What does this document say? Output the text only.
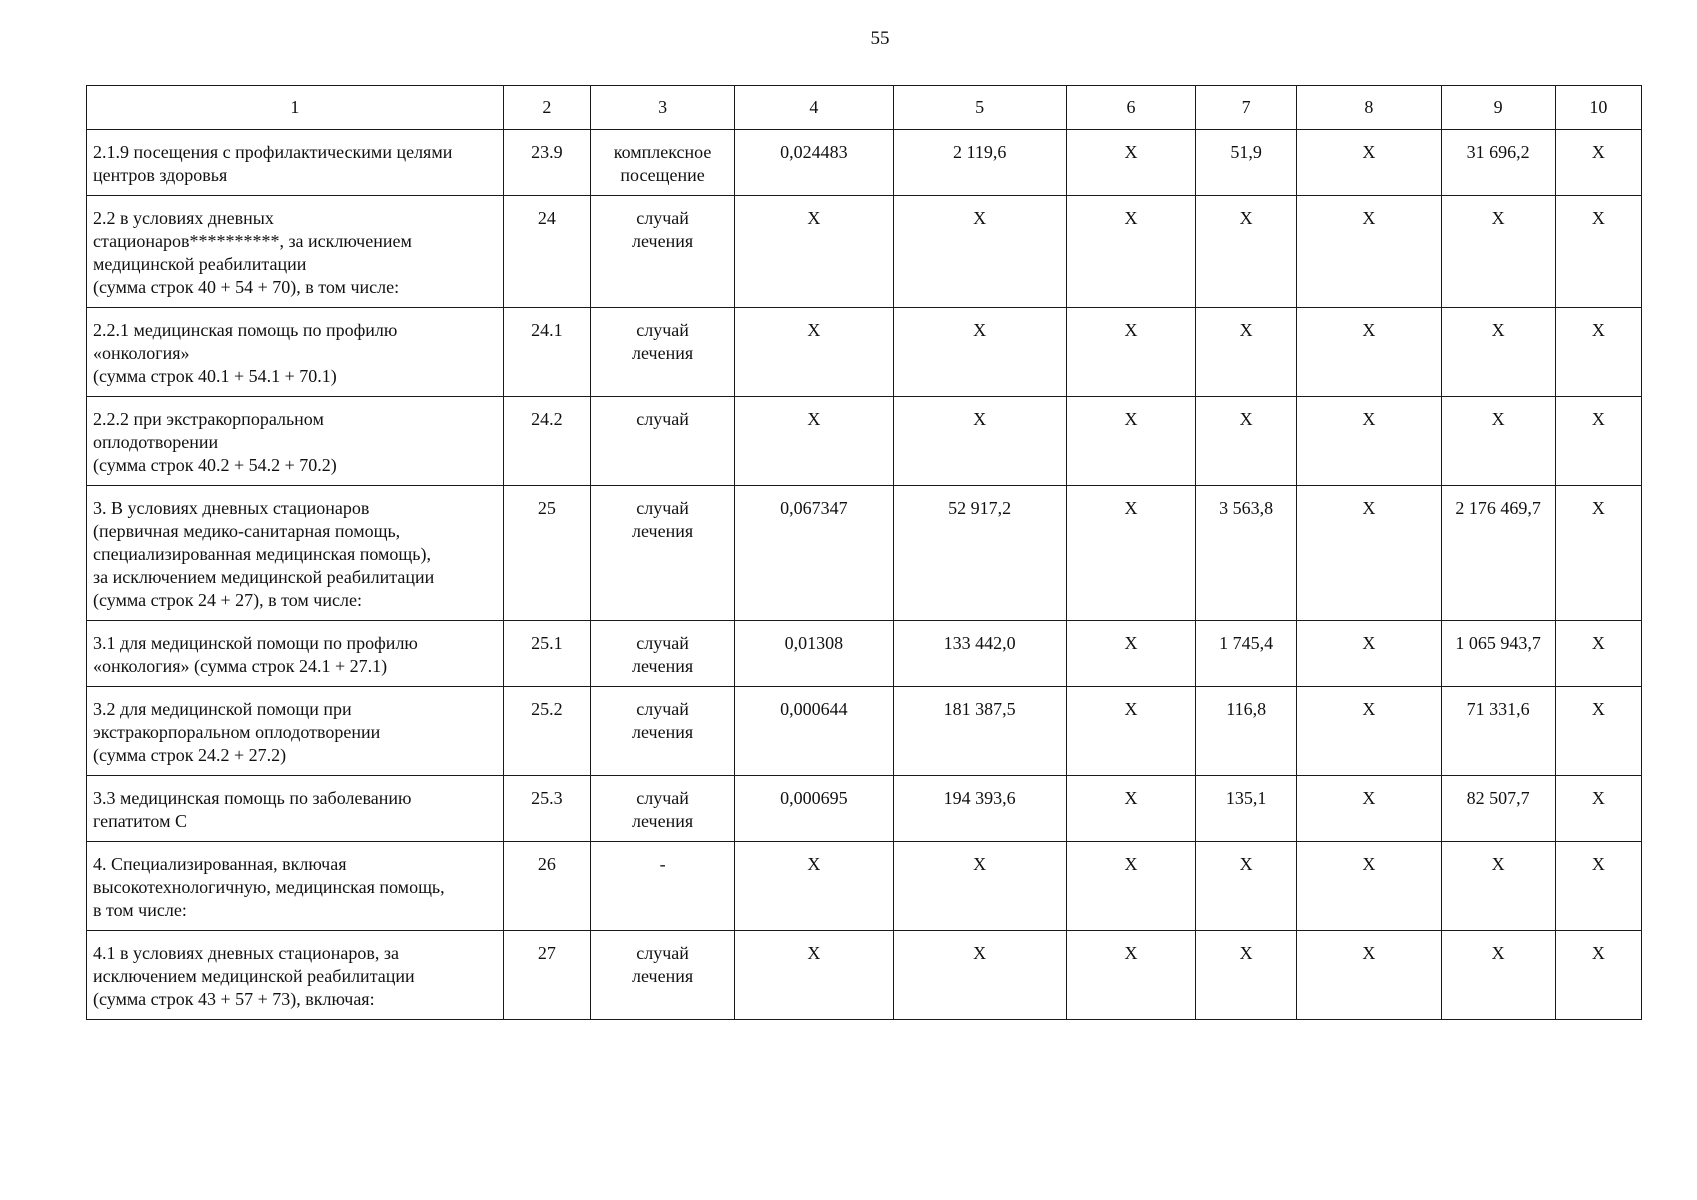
55
1	2	3	4	5	6	7	8	9	10
2.1.9 посещения с профилактическими целями
центров здоровья	23.9	комплексное
посещение	0,024483	2 119,6	Х	51,9	Х	31 696,2	Х
2.2 в условиях дневных
стационаров**********, за исключением
медицинской реабилитации
(сумма строк 40 + 54 + 70), в том числе:	24	случай
лечения	Х	Х	Х	Х	Х	Х	Х
2.2.1 медицинская помощь по профилю
«онкология»
(сумма строк 40.1 + 54.1 + 70.1)	24.1	случай
лечения	Х	Х	Х	Х	Х	Х	Х
2.2.2 при экстракорпоральном
оплодотворении
(сумма строк 40.2 + 54.2 + 70.2)	24.2	случай	Х	Х	Х	Х	Х	Х	Х
3. В условиях дневных стационаров
(первичная медико-санитарная помощь,
специализированная медицинская помощь),
за исключением медицинской реабилитации
(сумма строк 24 + 27), в том числе:	25	случай
лечения	0,067347	52 917,2	Х	3 563,8	Х	2 176 469,7	Х
3.1 для медицинской помощи по профилю
«онкология» (сумма строк 24.1 + 27.1)	25.1	случай
лечения	0,01308	133 442,0	Х	1 745,4	Х	1 065 943,7	Х
3.2 для медицинской помощи при
экстракорпоральном оплодотворении
(сумма строк 24.2 + 27.2)	25.2	случай
лечения	0,000644	181 387,5	Х	116,8	Х	71 331,6	Х
3.3 медицинская помощь по заболеванию
гепатитом С	25.3	случай
лечения	0,000695	194 393,6	Х	135,1	Х	82 507,7	Х
4. Специализированная, включая
высокотехнологичную, медицинская помощь,
в том числе:	26	-	Х	Х	Х	Х	Х	Х	Х
4.1 в условиях дневных стационаров, за
исключением медицинской реабилитации
(сумма строк 43 + 57 + 73), включая:	27	случай
лечения	Х	Х	Х	Х	Х	Х	Х
